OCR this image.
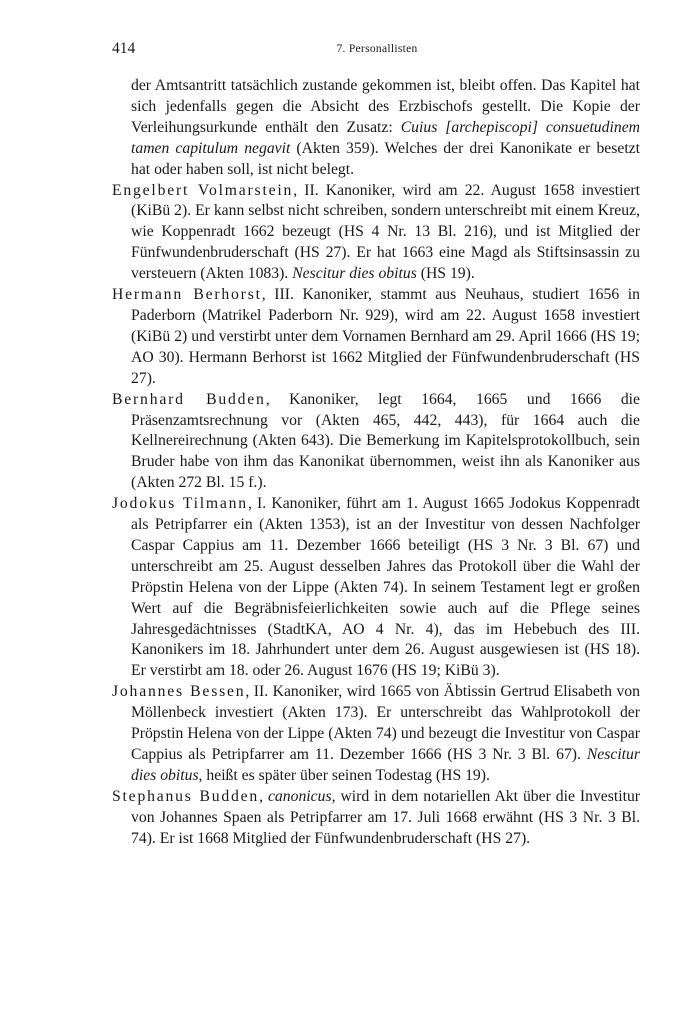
414	7. Personallisten

der Amtsantritt tatsächlich zustande gekommen ist, bleibt offen. Das Kapitel hat sich jedenfalls gegen die Absicht des Erzbischofs gestellt. Die Kopie der Verleihungsurkunde enthält den Zusatz: Cuius [archepiscopi] consuetudinem tamen capitulum negavit (Akten 359). Welches der drei Kanonikate er besetzt hat oder haben soll, ist nicht belegt.

Engelbert Volmarstein, II. Kanoniker, wird am 22. August 1658 investiert (KiBü 2). Er kann selbst nicht schreiben, sondern unterschreibt mit einem Kreuz, wie Koppenradt 1662 bezeugt (HS 4 Nr. 13 Bl. 216), und ist Mitglied der Fünfwundenbruderschaft (HS 27). Er hat 1663 eine Magd als Stiftsinsassin zu versteuern (Akten 1083). Nescitur dies obitus (HS 19).

Hermann Berhorst, III. Kanoniker, stammt aus Neuhaus, studiert 1656 in Paderborn (Matrikel Paderborn Nr. 929), wird am 22. August 1658 investiert (KiBü 2) und verstirbt unter dem Vornamen Bernhard am 29. April 1666 (HS 19; AO 30). Hermann Berhorst ist 1662 Mitglied der Fünfwundenbruderschaft (HS 27).

Bernhard Budden, Kanoniker, legt 1664, 1665 und 1666 die Präsenzamtsrechnung vor (Akten 465, 442, 443), für 1664 auch die Kellnereirechnung (Akten 643). Die Bemerkung im Kapitelsprotokollbuch, sein Bruder habe von ihm das Kanonikat übernommen, weist ihn als Kanoniker aus (Akten 272 Bl. 15 f.).

Jodokus Tilmann, I. Kanoniker, führt am 1. August 1665 Jodokus Koppenradt als Petripfarrer ein (Akten 1353), ist an der Investitur von dessen Nachfolger Caspar Cappius am 11. Dezember 1666 beteiligt (HS 3 Nr. 3 Bl. 67) und unterschreibt am 25. August desselben Jahres das Protokoll über die Wahl der Pröpstin Helena von der Lippe (Akten 74). In seinem Testament legt er großen Wert auf die Begräbnisfeierlichkeiten sowie auch auf die Pflege seines Jahresgedächtnisses (StadtKA, AO 4 Nr. 4), das im Hebebuch des III. Kanonikers im 18. Jahrhundert unter dem 26. August ausgewiesen ist (HS 18). Er verstirbt am 18. oder 26. August 1676 (HS 19; KiBü 3).

Johannes Bessen, II. Kanoniker, wird 1665 von Äbtissin Gertrud Elisabeth von Möllenbeck investiert (Akten 173). Er unterschreibt das Wahlprotokoll der Pröpstin Helena von der Lippe (Akten 74) und bezeugt die Investitur von Caspar Cappius als Petripfarrer am 11. Dezember 1666 (HS 3 Nr. 3 Bl. 67). Nescitur dies obitus, heißt es später über seinen Todestag (HS 19).

Stephanus Budden, canonicus, wird in dem notariellen Akt über die Investitur von Johannes Spaen als Petripfarrer am 17. Juli 1668 erwähnt (HS 3 Nr. 3 Bl. 74). Er ist 1668 Mitglied der Fünfwundenbruderschaft (HS 27).
